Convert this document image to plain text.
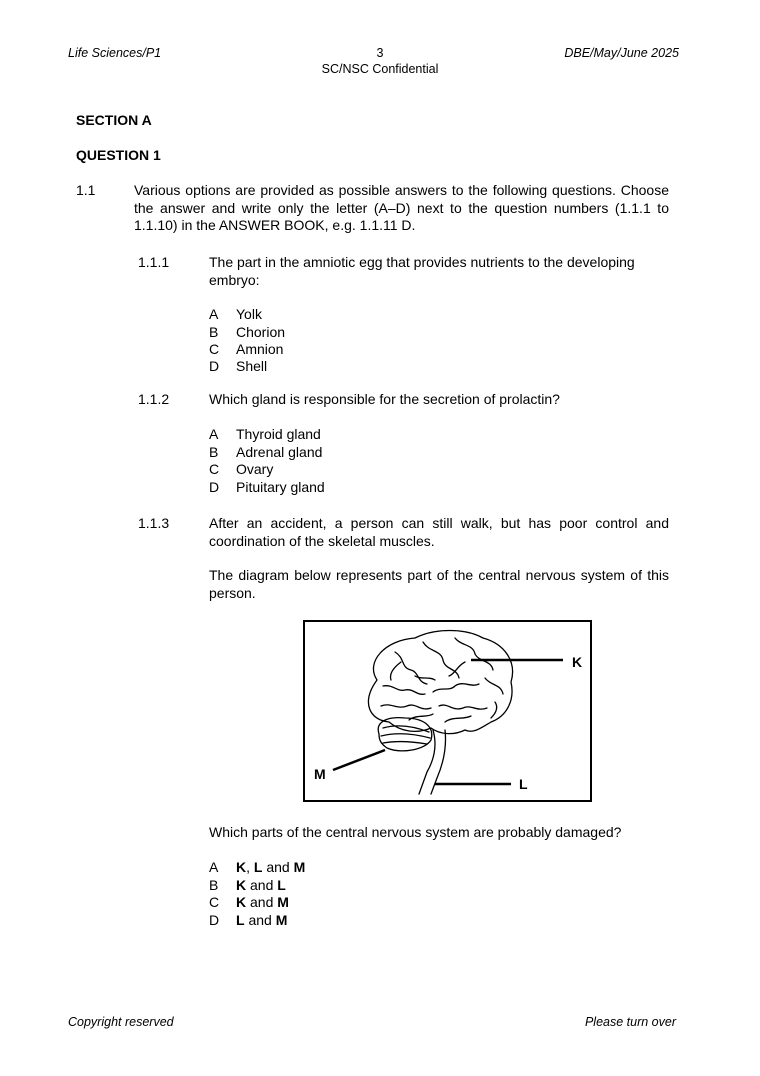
Life Sciences/P1	3	DBE/May/June 2025
SC/NSC Confidential
SECTION A
QUESTION 1
1.1	Various options are provided as possible answers to the following questions. Choose the answer and write only the letter (A–D) next to the question numbers (1.1.1 to 1.1.10) in the ANSWER BOOK, e.g. 1.1.11 D.
1.1.1	The part in the amniotic egg that provides nutrients to the developing embryo:
A Yolk
B Chorion
C Amnion
D Shell
1.1.2	Which gland is responsible for the secretion of prolactin?
A Thyroid gland
B Adrenal gland
C Ovary
D Pituitary gland
1.1.3	After an accident, a person can still walk, but has poor control and coordination of the skeletal muscles.
The diagram below represents part of the central nervous system of this person.
K
L
M
Which parts of the central nervous system are probably damaged?
A K, L and M
B K and L
C K and M
D L and M
Copyright reserved	Please turn over
